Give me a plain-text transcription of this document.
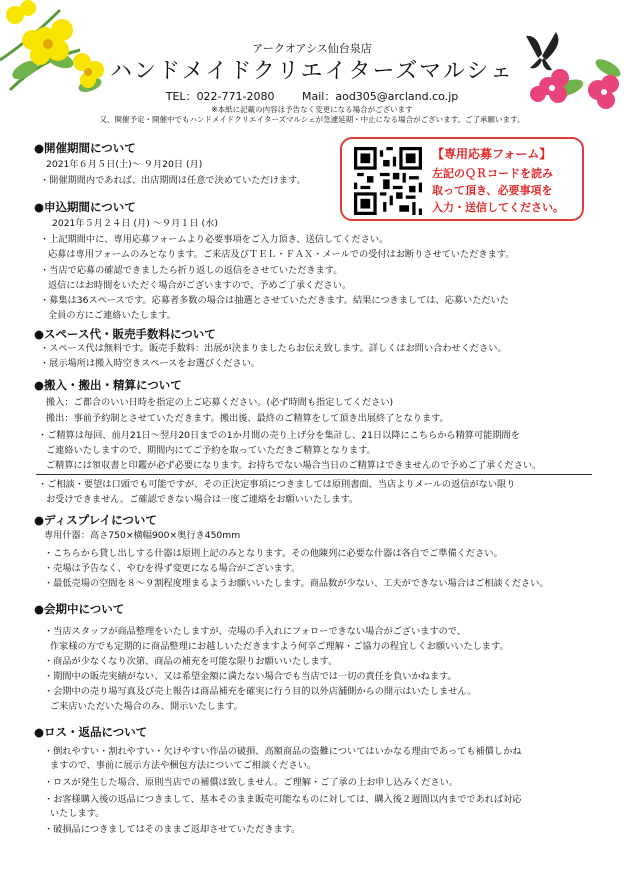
アークオアシス仙台泉店
ハンドメイドクリエイターズマルシェ
TEL：022-771-2080	Mail：aod305@arcland.co.jp
※本紙に記載の内容は予告なく変更になる場合がございます
又、開催予定・開催中でもハンドメイドクリエイターズマルシェが急遽延期・中止になる場合がございます。ご了承願います。
【専用応募フォーム】
左記のＱＲコードを読み
取って頂き、必要事項を
入力・送信してください。
●開催期間について
2021年６月５日(土)～ ９月20日 (月)
・開催期間内であれば、出店期間は任意で決めていただけます。
●申込期間について
2021年５月２４日 (月) ～９月１日 (水)
・上記期間中に、専用応募フォームより必要事項をご入力頂き、送信してください。
応募は専用フォームのみとなります。ご来店及びＴＥＬ・ＦＡＸ・メールでの受付はお断りさせていただきます。
・当店で応募の確認できましたら折り返しの返信をさせていただきます。
返信にはお時間をいただく場合がございますので、予めご了承ください。
・募集は36スペースです。応募者多数の場合は抽選とさせていただきます。結果につきましては、応募いただいた
全員の方にご連絡いたします。
●スペース代・販売手数料について
・スペース代は無料です。販売手数料：出展が決まりましたらお伝え致します。詳しくはお問い合わせください。
・展示場所は搬入時空きスペースをお選びください。
●搬入・搬出・精算について
搬入：ご都合のいい日時を指定の上ご応募ください。(必ず時間も指定してください)
搬出：事前予約制とさせていただきます。搬出後、最終のご精算をして頂き出展終了となります。
・ご精算は毎回、前月21日～翌月20日までの1か月間の売り上げ分を集計し、21日以降にこちらから精算可能期間を
ご連絡いたしますので、期間内にてご予約を取っていただきご精算となります。
ご精算には領収書と印鑑が必ず必要になります。お持ちでない場合当日のご精算はできませんので予めご了承ください。
・ご相談・要望は口頭でも可能ですが、その正決定事項につきましては原則書面、当店よりメールの返信がない限り
お受けできません。ご確認できない場合は一度ご連絡をお願いいたします。
●ディスプレイについて
専用什器：高さ750×横幅900×奥行き450mm
・こちらから貸し出しする什器は原則上記のみとなります。その他陳列に必要な什器は各自でご準備ください。
・売場は予告なく、やむを得ず変更になる場合がございます。
・最低売場の空間を８～９割程度埋まるようお願いいたします。商品数が少ない、工夫ができない場合はご相談ください。
●会期中について
・当店スタッフが商品整理をいたしますが、売場の手入れにフォローできない場合がございますので、
作家様の方でも定期的に商品整理にお越しいただきますよう何卒ご理解・ご協力の程宜しくお願いいたします。
・商品が少なくなり次第、商品の補充を可能な限りお願いいたします。
・期間中の販売実績がない、又は希望金額に満たない場合でも当店では一切の責任を負いかねます。
・会期中の売り場写真及び売上報告は商品補充を確実に行う目的以外店舗側からの開示はいたしません。
ご来店いただいた場合のみ、開示いたします。
●ロス・返品について
・倒れやすい・割れやすい・欠けやすい作品の破損、高額商品の盗難についてはいかなる理由であっても補償しかね
ますので、事前に展示方法や梱包方法についてご相談ください。
・ロスが発生した場合、原則当店での補償は致しません。ご理解・ご了承の上お申し込みください。
・お客様購入後の返品につきまして、基本そのまま販売可能なものに対しては、購入後２週間以内までであれば対応
いたします。
・破損品につきましてはそのままご返却させていただきます。
